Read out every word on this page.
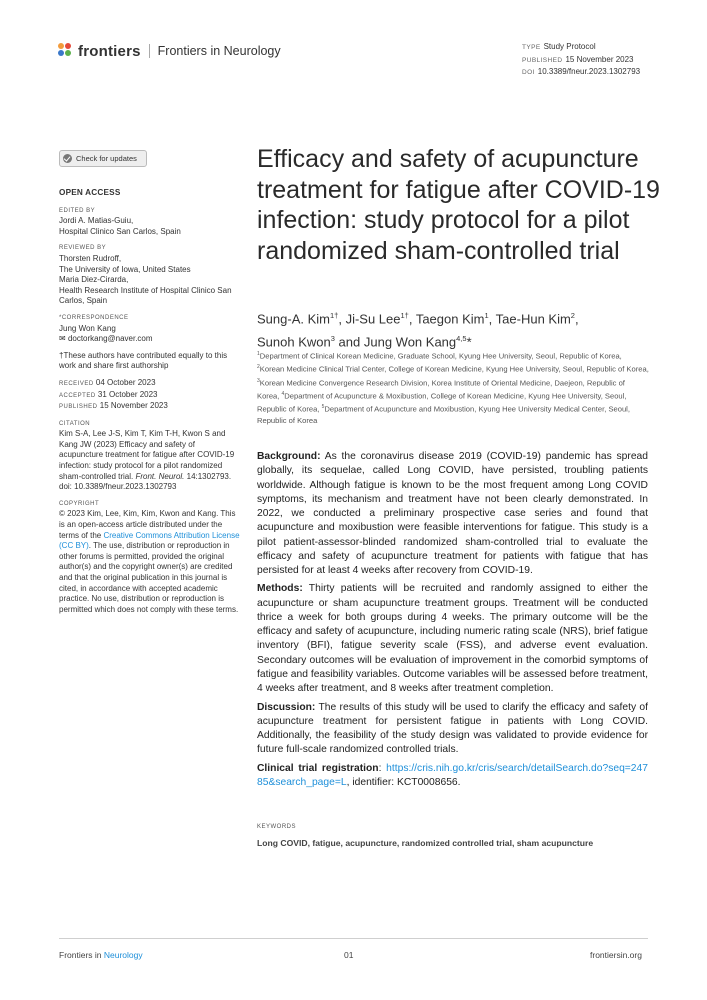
frontiers Frontiers in Neurology	TYPE Study Protocol
PUBLISHED 15 November 2023
DOI 10.3389/fneur.2023.1302793
Check for updates
OPEN ACCESS
EDITED BY
Jordi A. Matias-Guiu,
Hospital Clinico San Carlos, Spain
REVIEWED BY
Thorsten Rudroff,
The University of Iowa, United States
Maria Diez-Cirarda,
Health Research Institute of Hospital Clinico San Carlos, Spain
*CORRESPONDENCE
Jung Won Kang
✉ doctorkang@naver.com
†These authors have contributed equally to this work and share first authorship
RECEIVED 04 October 2023
ACCEPTED 31 October 2023
PUBLISHED 15 November 2023
CITATION
Kim S-A, Lee J-S, Kim T, Kim T-H, Kwon S and Kang JW (2023) Efficacy and safety of acupuncture treatment for fatigue after COVID-19 infection: study protocol for a pilot randomized sham-controlled trial. Front. Neurol. 14:1302793.
doi: 10.3389/fneur.2023.1302793
COPYRIGHT
© 2023 Kim, Lee, Kim, Kim, Kwon and Kang. This is an open-access article distributed under the terms of the Creative Commons Attribution License (CC BY). The use, distribution or reproduction in other forums is permitted, provided the original author(s) and the copyright owner(s) are credited and that the original publication in this journal is cited, in accordance with accepted academic practice. No use, distribution or reproduction is permitted which does not comply with these terms.
Efficacy and safety of acupuncture treatment for fatigue after COVID-19 infection: study protocol for a pilot randomized sham-controlled trial
Sung-A. Kim$^{1\dagger}$, Ji-Su Lee$^{1\dagger}$, Taegon Kim$^1$, Tae-Hun Kim$^2$,
Sunoh Kwon$^3$ and Jung Won Kang$^{4,5}$*
$^1$Department of Clinical Korean Medicine, Graduate School, Kyung Hee University, Seoul, Republic of Korea, $^2$Korean Medicine Clinical Trial Center, College of Korean Medicine, Kyung Hee University, Seoul, Republic of Korea, $^3$Korean Medicine Convergence Research Division, Korea Institute of Oriental Medicine, Daejeon, Republic of Korea, $^4$Department of Acupuncture & Moxibustion, College of Korean Medicine, Kyung Hee University, Seoul, Republic of Korea, $^5$Department of Acupuncture and Moxibustion, Kyung Hee University Medical Center, Seoul, Republic of Korea

Background: As the coronavirus disease 2019 (COVID-19) pandemic has spread globally, its sequelae, called Long COVID, have persisted, troubling patients worldwide. Although fatigue is known to be the most frequent among Long COVID symptoms, its mechanism and treatment have not been clearly demonstrated. In 2022, we conducted a preliminary prospective case series and found that acupuncture and moxibustion were feasible interventions for fatigue. This study is a pilot patient-assessor-blinded randomized sham-controlled trial to evaluate the efficacy and safety of acupuncture treatment for patients with fatigue that has persisted for at least 4 weeks after recovery from COVID-19.

Methods: Thirty patients will be recruited and randomly assigned to either the acupuncture or sham acupuncture treatment groups. Treatment will be conducted thrice a week for both groups during 4 weeks. The primary outcome will be the efficacy and safety of acupuncture, including numeric rating scale (NRS), brief fatigue inventory (BFI), fatigue severity scale (FSS), and adverse event evaluation. Secondary outcomes will be evaluation of improvement in the comorbid symptoms of fatigue and feasibility variables. Outcome variables will be assessed before treatment, 4 weeks after treatment, and 8 weeks after treatment completion.

Discussion: The results of this study will be used to clarify the efficacy and safety of acupuncture treatment for persistent fatigue in patients with Long COVID. Additionally, the feasibility of the study design was validated to provide evidence for future full-scale randomized controlled trials.

Clinical trial registration: https://cris.nih.go.kr/cris/search/detailSearch.do?seq=24785&search_page=L, identifier: KCT0008656.

KEYWORDS
Long COVID, fatigue, acupuncture, randomized controlled trial, sham acupuncture
Frontiers in Neurology	01	frontiersin.org
